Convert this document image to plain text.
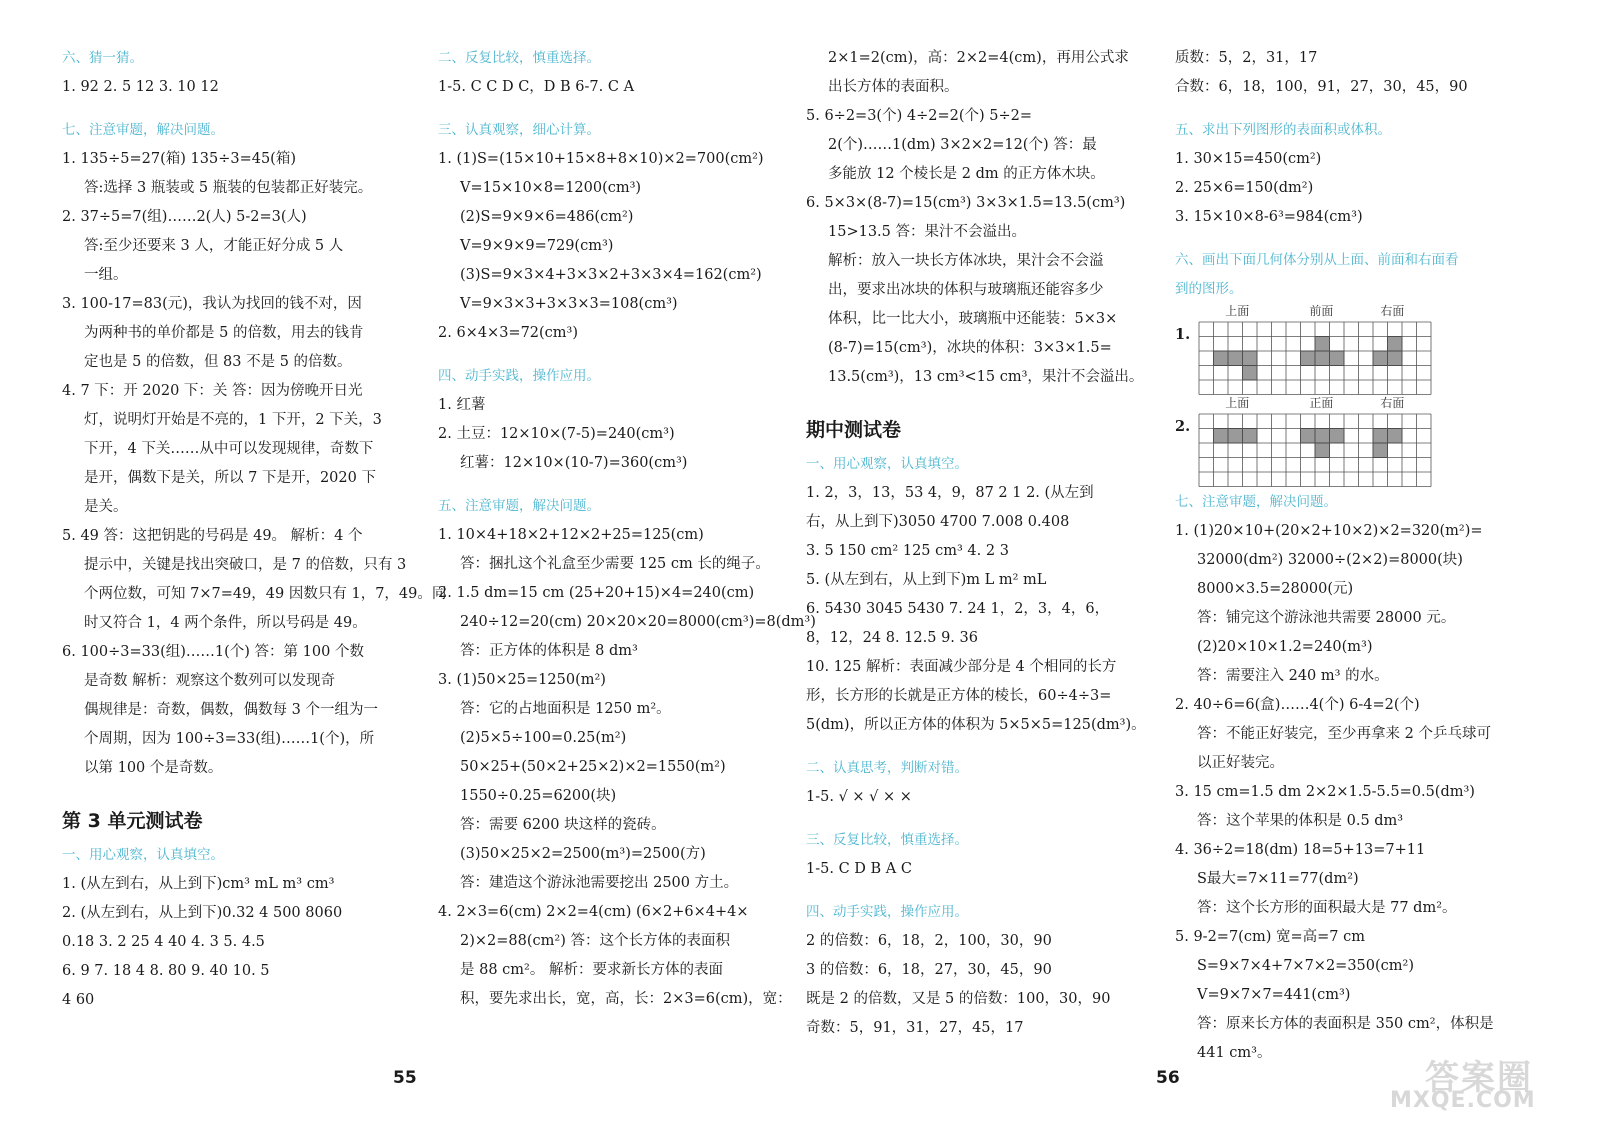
六、猜一猜。
1. 92 2. 5 12 3. 10 12
七、注意审题，解决问题。
1. 135÷5=27(箱) 135÷3=45(箱)
答:选择 3 瓶装或 5 瓶装的包装都正好装完。
2. 37÷5=7(组)……2(人) 5-2=3(人)
答:至少还要来 3 人，才能正好分成 5 人
一组。
3. 100-17=83(元)，我认为找回的钱不对，因
为两种书的单价都是 5 的倍数，用去的钱肯
定也是 5 的倍数，但 83 不是 5 的倍数。
4. 7 下：开 2020 下：关 答：因为傍晚开日光
灯，说明灯开始是不亮的，1 下开，2 下关，3
下开，4 下关……从中可以发现规律，奇数下
是开，偶数下是关，所以 7 下是开，2020 下
是关。
5. 49 答：这把钥匙的号码是 49。 解析：4 个
提示中，关键是找出突破口，是 7 的倍数，只有 3
个两位数，可知 7×7=49，49 因数只有 1，7，49。同
时又符合 1，4 两个条件，所以号码是 49。
6. 100÷3=33(组)……1(个) 答：第 100 个数
是奇数 解析：观察这个数列可以发现奇
偶规律是：奇数，偶数，偶数每 3 个一组为一
个周期，因为 100÷3=33(组)……1(个)，所
以第 100 个是奇数。
第 3 单元测试卷
一、用心观察，认真填空。
1. (从左到右，从上到下)cm³ mL m³ cm³
2. (从左到右，从上到下)0.32 4 500 8060
0.18 3. 2 25 4 40 4. 3 5. 4.5
6. 9 7. 18 4 8. 80 9. 40 10. 5
4 60
二、反复比较，慎重选择。
1-5. C C D C，D B 6-7. C A
三、认真观察，细心计算。
1. (1)S=(15×10+15×8+8×10)×2=700(cm²)
V=15×10×8=1200(cm³)
(2)S=9×9×6=486(cm²)
V=9×9×9=729(cm³)
(3)S=9×3×4+3×3×2+3×3×4=162(cm²)
V=9×3×3+3×3×3=108(cm³)
2. 6×4×3=72(cm³)
四、动手实践，操作应用。
1. 红薯
2. 土豆：12×10×(7-5)=240(cm³)
红薯：12×10×(10-7)=360(cm³)
五、注意审题，解决问题。
1. 10×4+18×2+12×2+25=125(cm)
答：捆扎这个礼盒至少需要 125 cm 长的绳子。
2. 1.5 dm=15 cm (25+20+15)×4=240(cm)
240÷12=20(cm) 20×20×20=8000(cm³)=8(dm³)
答：正方体的体积是 8 dm³
3. (1)50×25=1250(m²)
答：它的占地面积是 1250 m²。
(2)5×5÷100=0.25(m²)
50×25+(50×2+25×2)×2=1550(m²)
1550÷0.25=6200(块)
答：需要 6200 块这样的瓷砖。
(3)50×25×2=2500(m³)=2500(方)
答：建造这个游泳池需要挖出 2500 方土。
4. 2×3=6(cm) 2×2=4(cm) (6×2+6×4+4×
2)×2=88(cm²) 答：这个长方体的表面积
是 88 cm²。 解析：要求新长方体的表面
积，要先求出长，宽，高，长：2×3=6(cm)，宽：
2×1=2(cm)，高：2×2=4(cm)，再用公式求
出长方体的表面积。
5. 6÷2=3(个) 4÷2=2(个) 5÷2=
2(个)……1(dm) 3×2×2=12(个) 答：最
多能放 12 个棱长是 2 dm 的正方体木块。
6. 5×3×(8-7)=15(cm³) 3×3×1.5=13.5(cm³)
15>13.5 答：果汁不会溢出。
解析：放入一块长方体冰块，果汁会不会溢
出，要求出冰块的体积与玻璃瓶还能容多少
体积，比一比大小，玻璃瓶中还能装：5×3×
(8-7)=15(cm³)，冰块的体积：3×3×1.5=
13.5(cm³)，13 cm³<15 cm³，果汁不会溢出。
期中测试卷
一、用心观察，认真填空。
1. 2，3，13，53 4，9，87 2 1 2. (从左到
右，从上到下)3050 4700 7.008 0.408
3. 5 150 cm² 125 cm³ 4. 2 3
5. (从左到右，从上到下)m L m² mL
6. 5430 3045 5430 7. 24 1，2，3，4，6，
8，12，24 8. 12.5 9. 36
10. 125 解析：表面减少部分是 4 个相同的长方
形，长方形的长就是正方体的棱长，60÷4÷3=
5(dm)，所以正方体的体积为 5×5×5=125(dm³)。
二、认真思考，判断对错。
1-5. √ × √ × ×
三、反复比较，慎重选择。
1-5. C D B A C
四、动手实践，操作应用。
2 的倍数：6，18，2，100，30，90
3 的倍数：6，18，27，30，45，90
既是 2 的倍数，又是 5 的倍数：100，30，90
奇数：5，91，31，27，45，17
质数：5，2，31，17
合数：6，18，100，91，27，30，45，90
五、求出下列图形的表面积或体积。
1. 30×15=450(cm²)
2. 25×6=150(dm²)
3. 15×10×8-6³=984(cm³)
六、画出下面几何体分别从上面、前面和右面看
到的图形。
1.
上面	前面	右面
2.
上面	正面	右面
七、注意审题，解决问题。
1. (1)20×10+(20×2+10×2)×2=320(m²)=
32000(dm²) 32000÷(2×2)=8000(块)
8000×3.5=28000(元)
答：铺完这个游泳池共需要 28000 元。
(2)20×10×1.2=240(m³)
答：需要注入 240 m³ 的水。
2. 40÷6=6(盒)……4(个) 6-4=2(个)
答：不能正好装完，至少再拿来 2 个乒乓球可
以正好装完。
3. 15 cm=1.5 dm 2×2×1.5-5.5=0.5(dm³)
答：这个苹果的体积是 0.5 dm³
4. 36÷2=18(dm) 18=5+13=7+11
S最大=7×11=77(dm²)
答：这个长方形的面积最大是 77 dm²。
5. 9-2=7(cm) 宽=高=7 cm
S=9×7×4+7×7×2=350(cm²)
V=9×7×7=441(cm³)
答：原来长方体的表面积是 350 cm²，体积是
441 cm³。
55	56	答案圈
MXQE.COM
